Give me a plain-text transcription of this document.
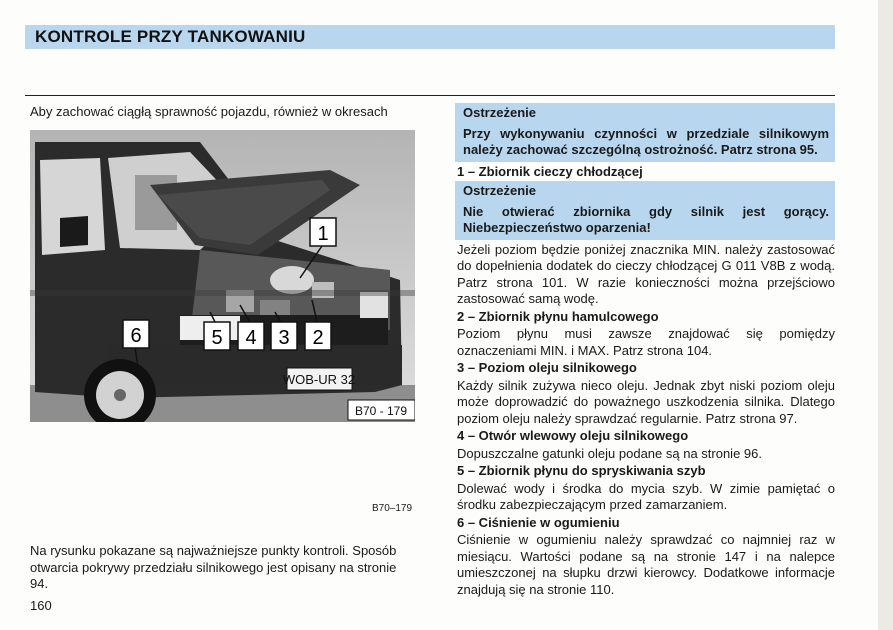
KONTROLE PRZY TANKOWANIU
Aby zachować ciągłą sprawność pojazdu, również w okresach
WOB-UR 32
1
2
3
4
5
6
B70 - 179
B70–179
Na rysunku pokazane są najważniejsze punkty kontroli. Sposób otwarcia pokrywy przedziału silnikowego jest opisany na stronie 94.
160
Ostrzeżenie
Przy wykonywaniu czynności w przedziale silnikowym należy zachować szczególną ostrożność. Patrz strona 95.
1 – Zbiornik cieczy chłodzącej
Ostrzeżenie
Nie otwierać zbiornika gdy silnik jest gorący. Niebezpieczeństwo oparzenia!
Jeżeli poziom będzie poniżej znacznika MIN. należy zastosować do dopełnienia dodatek do cieczy chłodzącej G 011 V8B z wodą. Patrz strona 101. W razie konieczności można przejściowo zastosować samą wodę.
2 – Zbiornik płynu hamulcowego
Poziom płynu musi zawsze znajdować się pomiędzy oznaczeniami MIN. i MAX. Patrz strona 104.
3 – Poziom oleju silnikowego
Każdy silnik zużywa nieco oleju. Jednak zbyt niski poziom oleju może doprowadzić do poważnego uszkodzenia silnika. Dlatego poziom oleju należy sprawdzać regularnie. Patrz strona 97.
4 – Otwór wlewowy oleju silnikowego
Dopuszczalne gatunki oleju podane są na stronie 96.
5 – Zbiornik płynu do spryskiwania szyb
Dolewać wody i środka do mycia szyb. W zimie pamiętać o środku zabezpieczającym przed zamarzaniem.
6 – Ciśnienie w ogumieniu
Ciśnienie w ogumieniu należy sprawdzać co najmniej raz w miesiącu. Wartości podane są na stronie 147 i na nalepce umieszczonej na słupku drzwi kierowcy. Dodatkowe informacje znajdują się na stronie 110.
